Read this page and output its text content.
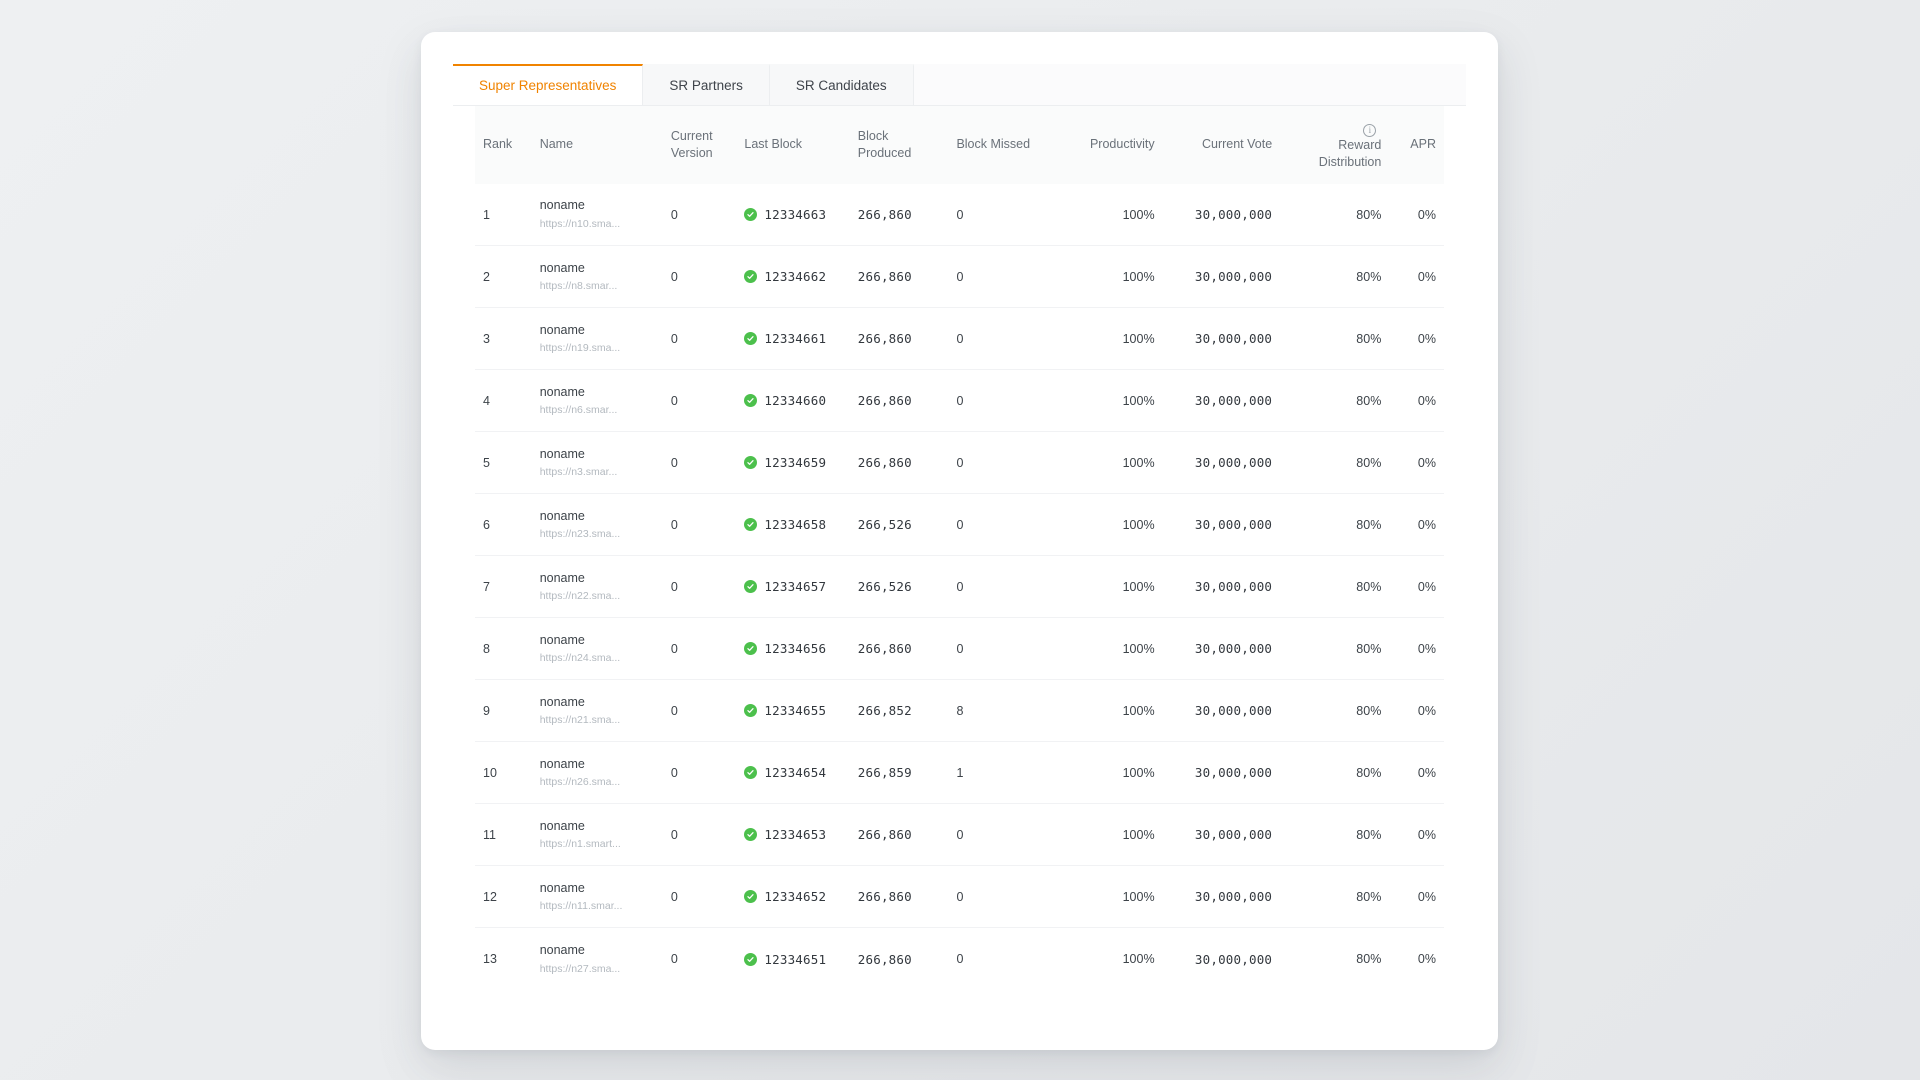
Super Representatives	SR Partners	SR Candidates
Rank	Name	Current Version	Last Block	Block Produced	Block Missed	Productivity	Current Vote	iReward Distribution	APR
1	noname
https://n10.sma...	0	12334663	266,860	0	100%	30,000,000	80%	0%
2	noname
https://n8.smar...	0	12334662	266,860	0	100%	30,000,000	80%	0%
3	noname
https://n19.sma...	0	12334661	266,860	0	100%	30,000,000	80%	0%
4	noname
https://n6.smar...	0	12334660	266,860	0	100%	30,000,000	80%	0%
5	noname
https://n3.smar...	0	12334659	266,860	0	100%	30,000,000	80%	0%
6	noname
https://n23.sma...	0	12334658	266,526	0	100%	30,000,000	80%	0%
7	noname
https://n22.sma...	0	12334657	266,526	0	100%	30,000,000	80%	0%
8	noname
https://n24.sma...	0	12334656	266,860	0	100%	30,000,000	80%	0%
9	noname
https://n21.sma...	0	12334655	266,852	8	100%	30,000,000	80%	0%
10	noname
https://n26.sma...	0	12334654	266,859	1	100%	30,000,000	80%	0%
11	noname
https://n1.smart...	0	12334653	266,860	0	100%	30,000,000	80%	0%
12	noname
https://n11.smar...	0	12334652	266,860	0	100%	30,000,000	80%	0%
13	noname
https://n27.sma...	0	12334651	266,860	0	100%	30,000,000	80%	0%
